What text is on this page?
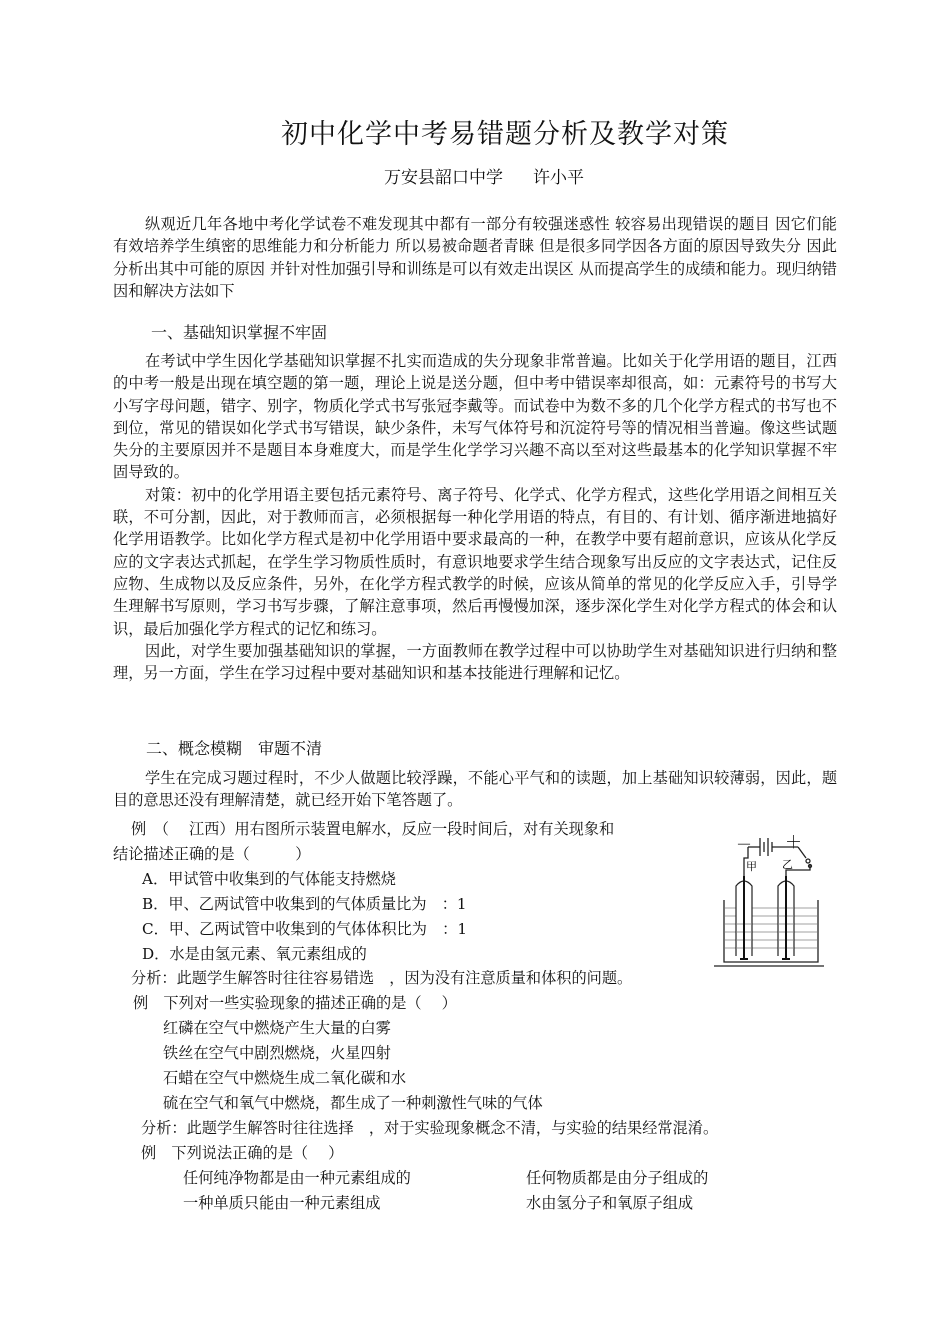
初中化学中考易错题分析及教学对策
万安县韶口中学 许小平

纵观近几年各地中考化学试卷不难发现其中都有一部分有较强迷惑性 较容易出现错误的题目 因它们能有效培养学生缜密的思维能力和分析能力 所以易被命题者青睐 但是很多同学因各方面的原因导致失分 因此 分析出其中可能的原因 并针对性加强引导和训练是可以有效走出误区 从而提高学生的成绩和能力。现归纳错因和解决方法如下

一、基础知识掌握不牢固

在考试中学生因化学基础知识掌握不扎实而造成的失分现象非常普遍。比如关于化学用语的题目，江西的中考一般是出现在填空题的第一题，理论上说是送分题，但中考中错误率却很高，如：元素符号的书写大小写字母问题，错字、别字，物质化学式书写张冠李戴等。而试卷中为数不多的几个化学方程式的书写也不到位，常见的错误如化学式书写错误，缺少条件，未写气体符号和沉淀符号等的情况相当普遍。像这些试题失分的主要原因并不是题目本身难度大，而是学生化学学习兴趣不高以至对这些最基本的化学知识掌握不牢固导致的。

对策：初中的化学用语主要包括元素符号、离子符号、化学式、化学方程式，这些化学用语之间相互关联，不可分割，因此，对于教师而言，必须根据每一种化学用语的特点，有目的、有计划、循序渐进地搞好化学用语教学。比如化学方程式是初中化学用语中要求最高的一种，在教学中要有超前意识，应该从化学反应的文字表达式抓起，在学生学习物质性质时，有意识地要求学生结合现象写出反应的文字表达式，记住反应物、生成物以及反应条件，另外，在化学方程式教学的时候，应该从简单的常见的化学反应入手，引导学生理解书写原则，学习书写步骤，了解注意事项，然后再慢慢加深，逐步深化学生对化学方程式的体会和认识，最后加强化学方程式的记忆和练习。

因此，对学生要加强基础知识的掌握，一方面教师在教学过程中可以协助学生对基础知识进行归纳和整理，另一方面，学生在学习过程中要对基础知识和基本技能进行理解和记忆。

二、概念模糊　审题不清

学生在完成习题过程时，不少人做题比较浮躁，不能心平气和的读题，加上基础知识较薄弱，因此，题目的意思还没有理解清楚，就已经开始下笔答题了。

例　（　 江西）用右图所示装置电解水，反应一段时间后，对有关现象和
结论描述正确的是（　　　）
A．甲试管中收集到的气体能支持燃烧
B．甲、乙两试管中收集到的气体质量比为　：1
C．甲、乙两试管中收集到的气体体积比为　：1
D．水是由氢元素、氧元素组成的
分析：此题学生解答时往往容易错选　，因为没有注意质量和体积的问题。
例　下列对一些实验现象的描述正确的是（　 ）
红磷在空气中燃烧产生大量的白雾
铁丝在空气中剧烈燃烧，火星四射
石蜡在空气中燃烧生成二氧化碳和水
硫在空气和氧气中燃烧，都生成了一种刺激性气味的气体
分析：此题学生解答时往往选择　，对于实验现象概念不清，与实验的结果经常混淆。
例　下列说法正确的是（　 ）
任何纯净物都是由一种元素组成的	任何物质都是由分子组成的
一种单质只能由一种元素组成	水由氢分子和氧原子组成
－ ＋
甲 乙
